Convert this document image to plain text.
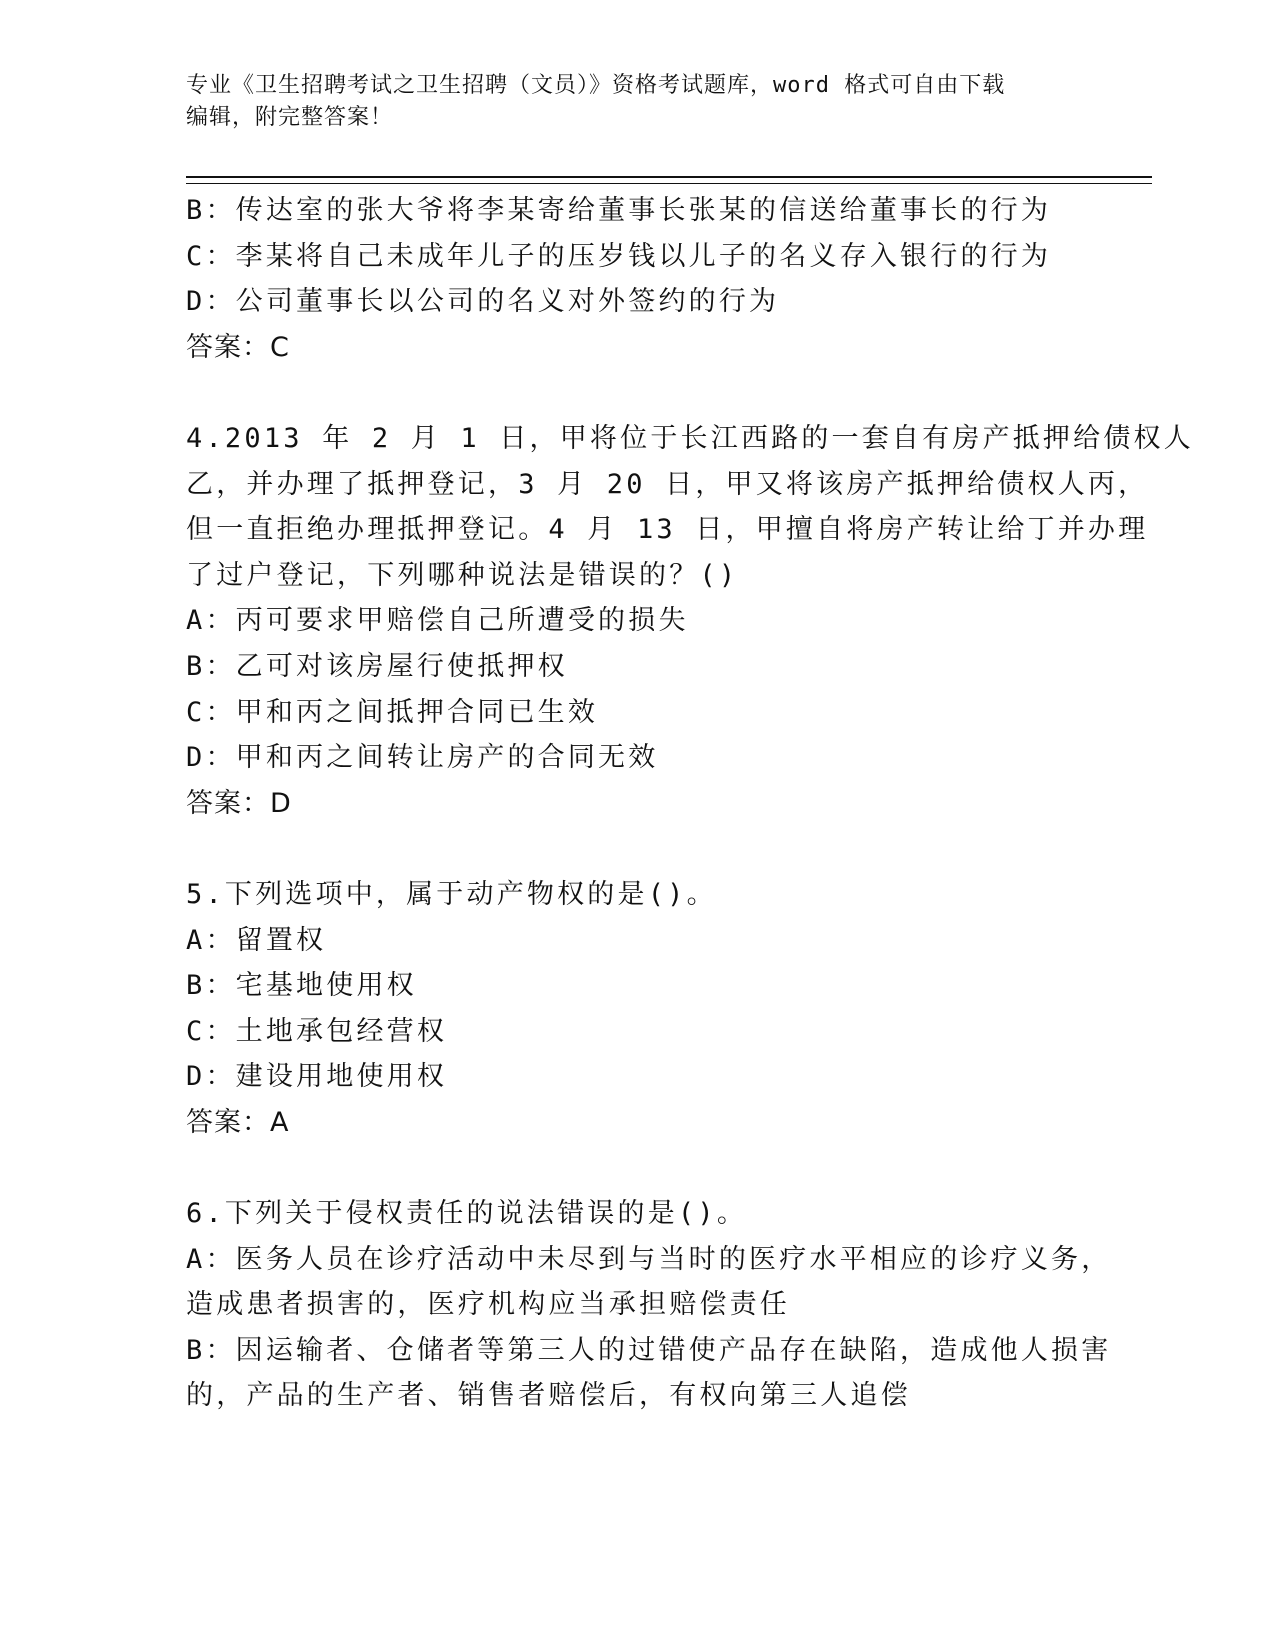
专业《卫生招聘考试之卫生招聘（文员）》资格考试题库，word 格式可自由下载
编辑，附完整答案！
B：传达室的张大爷将李某寄给董事长张某的信送给董事长的行为
C：李某将自己未成年儿子的压岁钱以儿子的名义存入银行的行为
D：公司董事长以公司的名义对外签约的行为
答案：C
4.2013 年 2 月 1 日，甲将位于长江西路的一套自有房产抵押给债权人
乙，并办理了抵押登记，3 月 20 日，甲又将该房产抵押给债权人丙，
但一直拒绝办理抵押登记。4 月 13 日，甲擅自将房产转让给丁并办理
了过户登记，下列哪种说法是错误的？()
A：丙可要求甲赔偿自己所遭受的损失
B：乙可对该房屋行使抵押权
C：甲和丙之间抵押合同已生效
D：甲和丙之间转让房产的合同无效
答案：D
5.下列选项中，属于动产物权的是()。
A：留置权
B：宅基地使用权
C：土地承包经营权
D：建设用地使用权
答案：A
6.下列关于侵权责任的说法错误的是()。
A：医务人员在诊疗活动中未尽到与当时的医疗水平相应的诊疗义务，
造成患者损害的，医疗机构应当承担赔偿责任
B：因运输者、仓储者等第三人的过错使产品存在缺陷，造成他人损害
的，产品的生产者、销售者赔偿后，有权向第三人追偿
